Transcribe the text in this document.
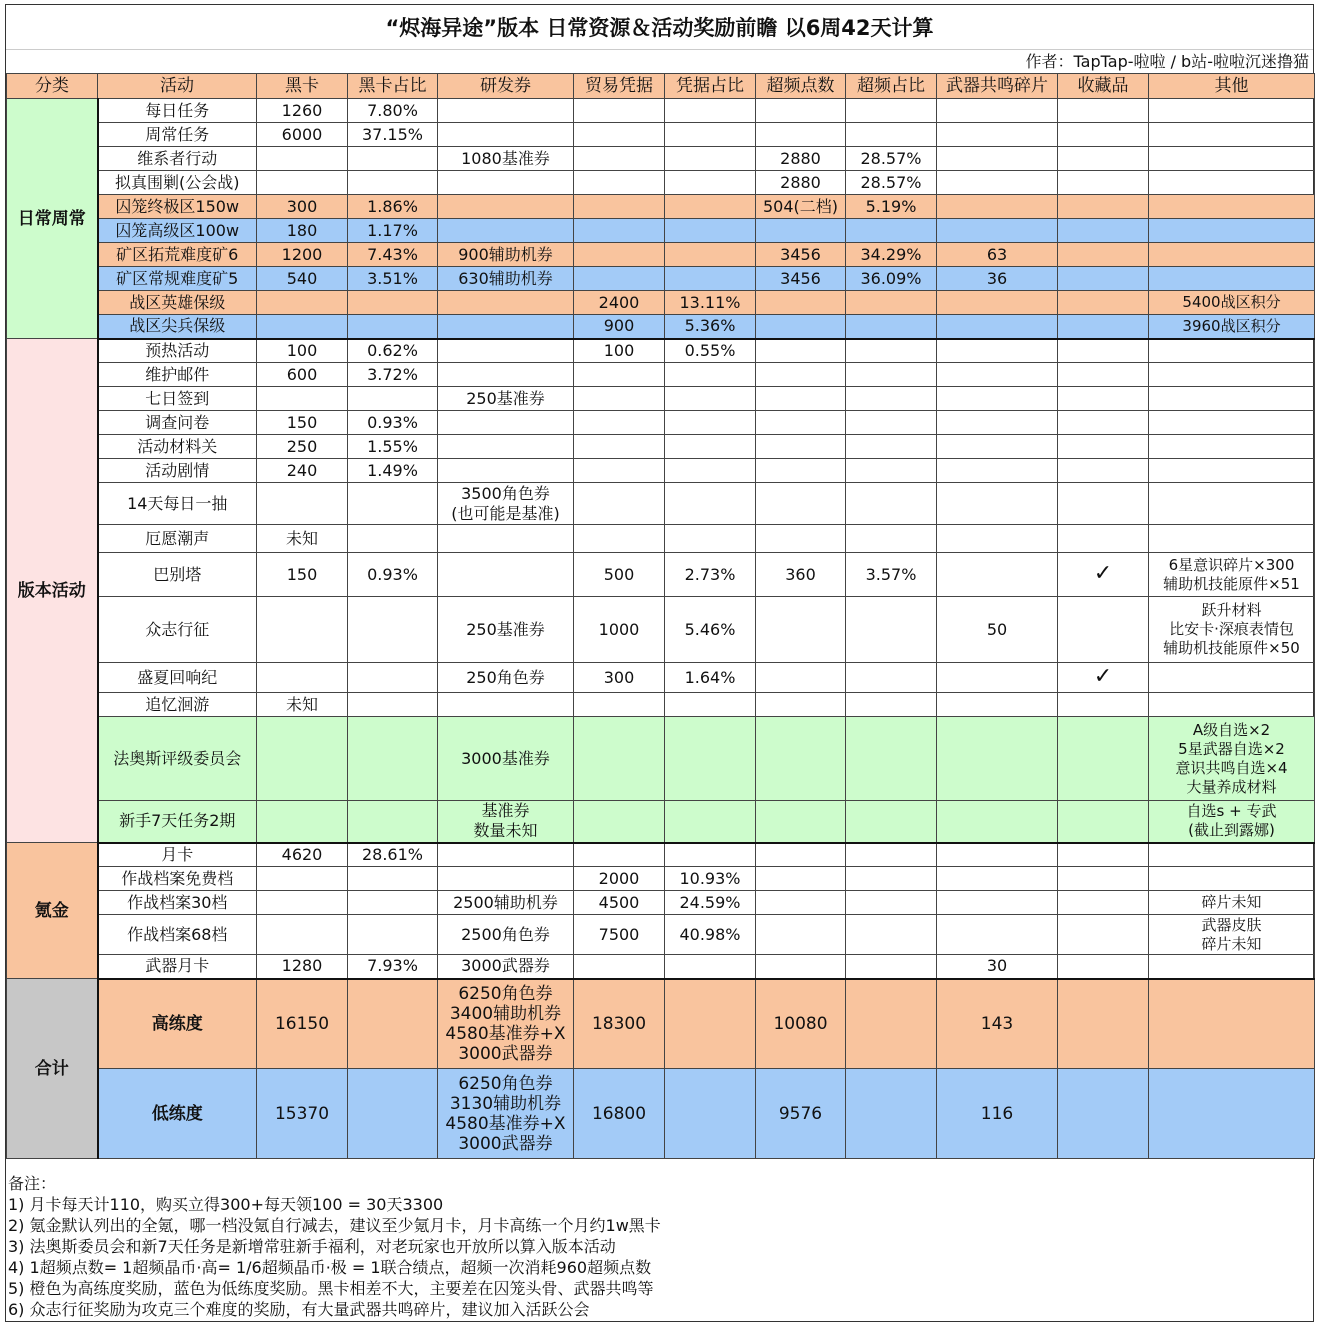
“烬海异途”版本 日常资源＆活动奖励前瞻 以6周42天计算
作者：TapTap-啦啦 / b站-啦啦沉迷撸猫
分类	活动	黑卡	黑卡占比	研发券	贸易凭据	凭据占比	超频点数	超频占比	武器共鸣碎片	收藏品	其他
日常周常	每日任务	1260	7.80%								
	周常任务	6000	37.15%								
	维系者行动			1080基准券			2880	28.57%			
	拟真围剿(公会战)						2880	28.57%			
	囚笼终极区150w	300	1.86%				504(二档)	5.19%			
	囚笼高级区100w	180	1.17%								
	矿区拓荒难度矿6	1200	7.43%	900辅助机券			3456	34.29%	63		
	矿区常规难度矿5	540	3.51%	630辅助机券			3456	36.09%	36		
	战区英雄保级				2400	13.11%					5400战区积分
	战区尖兵保级				900	5.36%					3960战区积分
版本活动	预热活动	100	0.62%		100	0.55%					
	维护邮件	600	3.72%								
	七日签到			250基准券							
	调查问卷	150	0.93%								
	活动材料关	250	1.55%								
	活动剧情	240	1.49%								
	14天每日一抽			3500角色券
(也可能是基准)							
	厄愿潮声	未知									
	巴别塔	150	0.93%		500	2.73%	360	3.57%		✓	6星意识碎片×300
辅助机技能原件×51
	众志行征			250基准券	1000	5.46%			50		跃升材料
比安卡·深痕表情包
辅助机技能原件×50
	盛夏回响纪			250角色券	300	1.64%				✓	
	追忆洄游	未知									
	法奥斯评级委员会			3000基准券							A级自选×2
5星武器自选×2
意识共鸣自选×4
大量养成材料
	新手7天任务2期			基准券
数量未知							自选s + 专武
(截止到露娜)
氪金	月卡	4620	28.61%								
	作战档案免费档				2000	10.93%					
	作战档案30档			2500辅助机券	4500	24.59%					碎片未知
	作战档案68档			2500角色券	7500	40.98%					武器皮肤
碎片未知
	武器月卡	1280	7.93%	3000武器券					30		
合计	高练度	16150		6250角色券
3400辅助机券
4580基准券+X
3000武器券	18300		10080		143		
	低练度	15370		6250角色券
3130辅助机券
4580基准券+X
3000武器券	16800		9576		116		
备注：
1) 月卡每天计110，购买立得300+每天领100 = 30天3300
2) 氪金默认列出的全氪，哪一档没氪自行减去，建议至少氪月卡，月卡高练一个月约1w黑卡
3) 法奥斯委员会和新7天任务是新增常驻新手福利，对老玩家也开放所以算入版本活动
4) 1超频点数= 1超频晶币·高= 1/6超频晶币·极 = 1联合绩点，超频一次消耗960超频点数
5) 橙色为高练度奖励，蓝色为低练度奖励。黑卡相差不大，主要差在囚笼头骨、武器共鸣等
6) 众志行征奖励为攻克三个难度的奖励，有大量武器共鸣碎片，建议加入活跃公会
